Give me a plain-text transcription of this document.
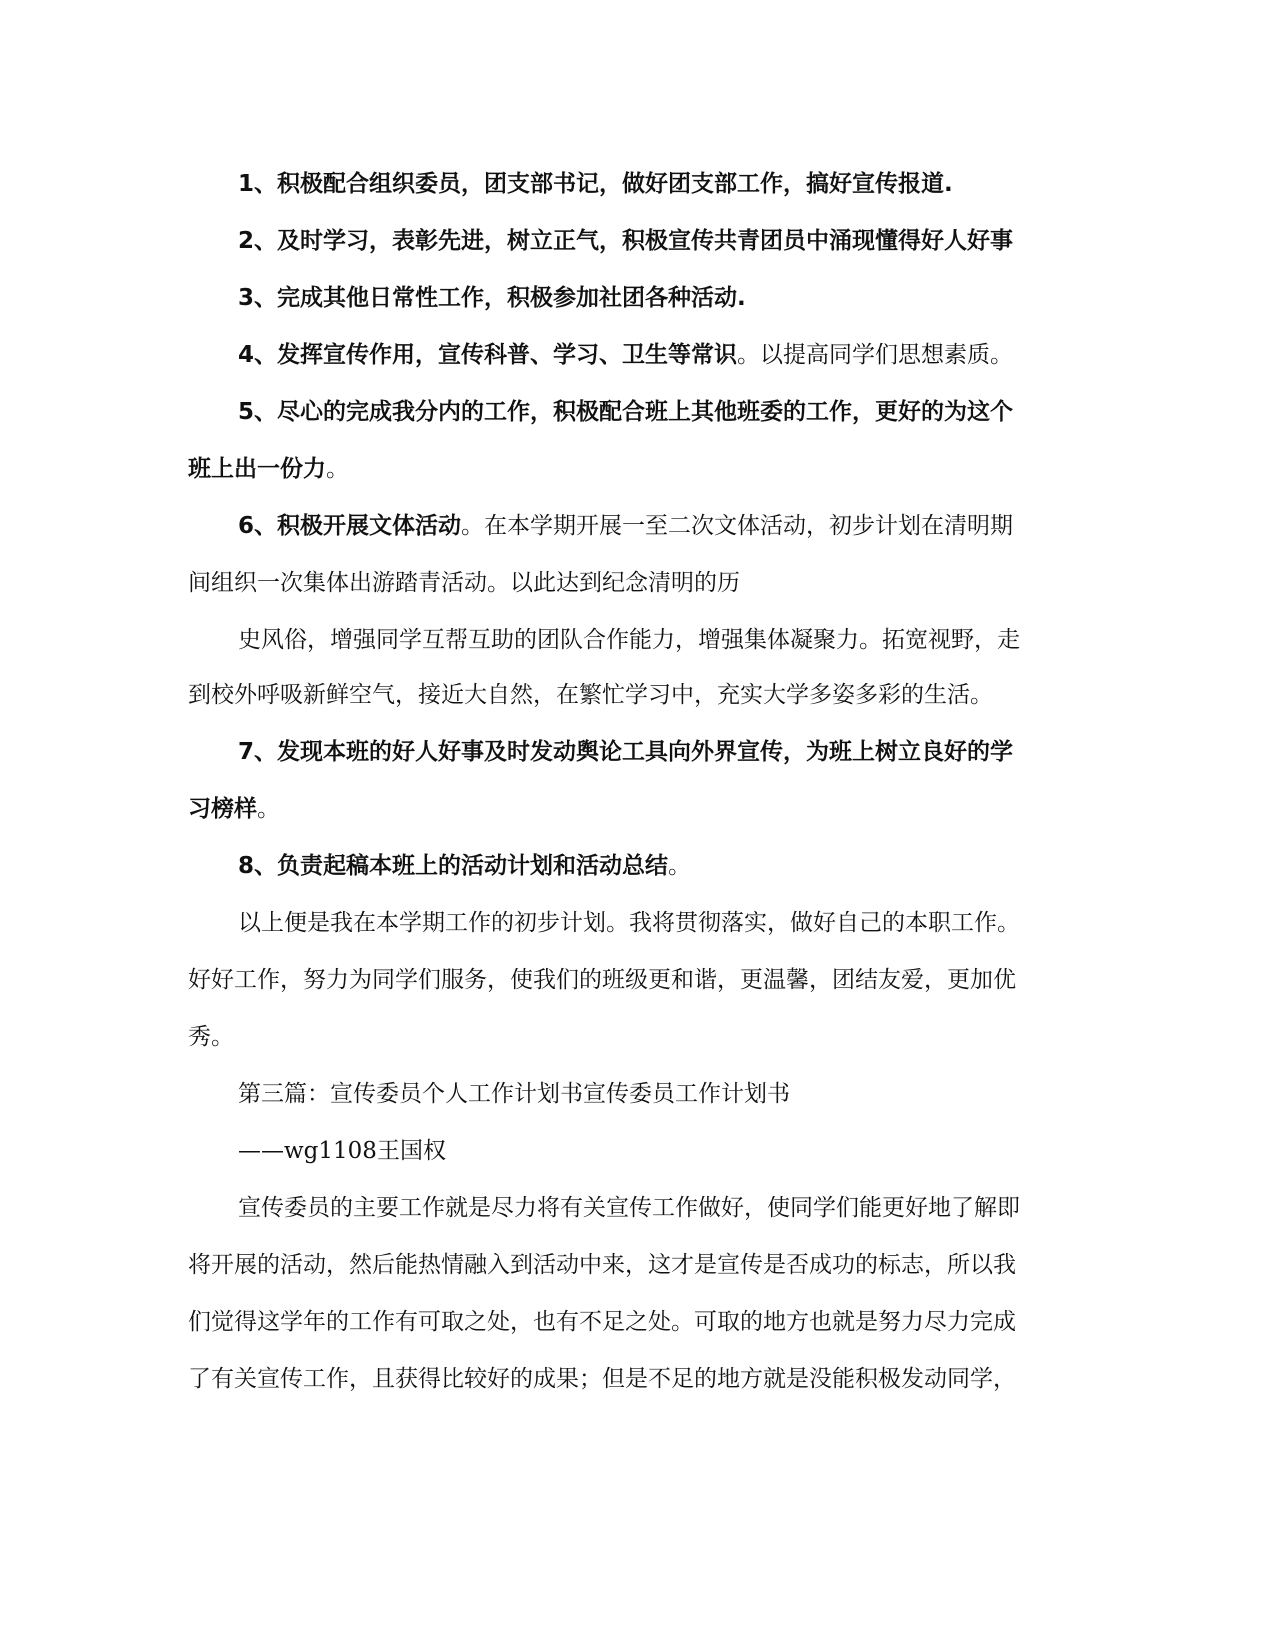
1、积极配合组织委员，团支部书记，做好团支部工作，搞好宣传报道.
2、及时学习，表彰先进，树立正气，积极宣传共青团员中涌现懂得好人好事
3、完成其他日常性工作，积极参加社团各种活动.
4、发挥宣传作用，宣传科普、学习、卫生等常识。以提高同学们思想素质。
5、尽心的完成我分内的工作，积极配合班上其他班委的工作，更好的为这个
班上出一份力。
6、积极开展文体活动。在本学期开展一至二次文体活动，初步计划在清明期
间组织一次集体出游踏青活动。以此达到纪念清明的历
史风俗，增强同学互帮互助的团队合作能力，增强集体凝聚力。拓宽视野，走
到校外呼吸新鲜空气，接近大自然，在繁忙学习中，充实大学多姿多彩的生活。
7、发现本班的好人好事及时发动舆论工具向外界宣传，为班上树立良好的学
习榜样。
8、负责起稿本班上的活动计划和活动总结。
以上便是我在本学期工作的初步计划。我将贯彻落实，做好自己的本职工作。
好好工作，努力为同学们服务，使我们的班级更和谐，更温馨，团结友爱，更加优
秀。
第三篇：宣传委员个人工作计划书宣传委员工作计划书
——wg1108王国权
宣传委员的主要工作就是尽力将有关宣传工作做好，使同学们能更好地了解即
将开展的活动，然后能热情融入到活动中来，这才是宣传是否成功的标志，所以我
们觉得这学年的工作有可取之处，也有不足之处。可取的地方也就是努力尽力完成
了有关宣传工作，且获得比较好的成果；但是不足的地方就是没能积极发动同学，
